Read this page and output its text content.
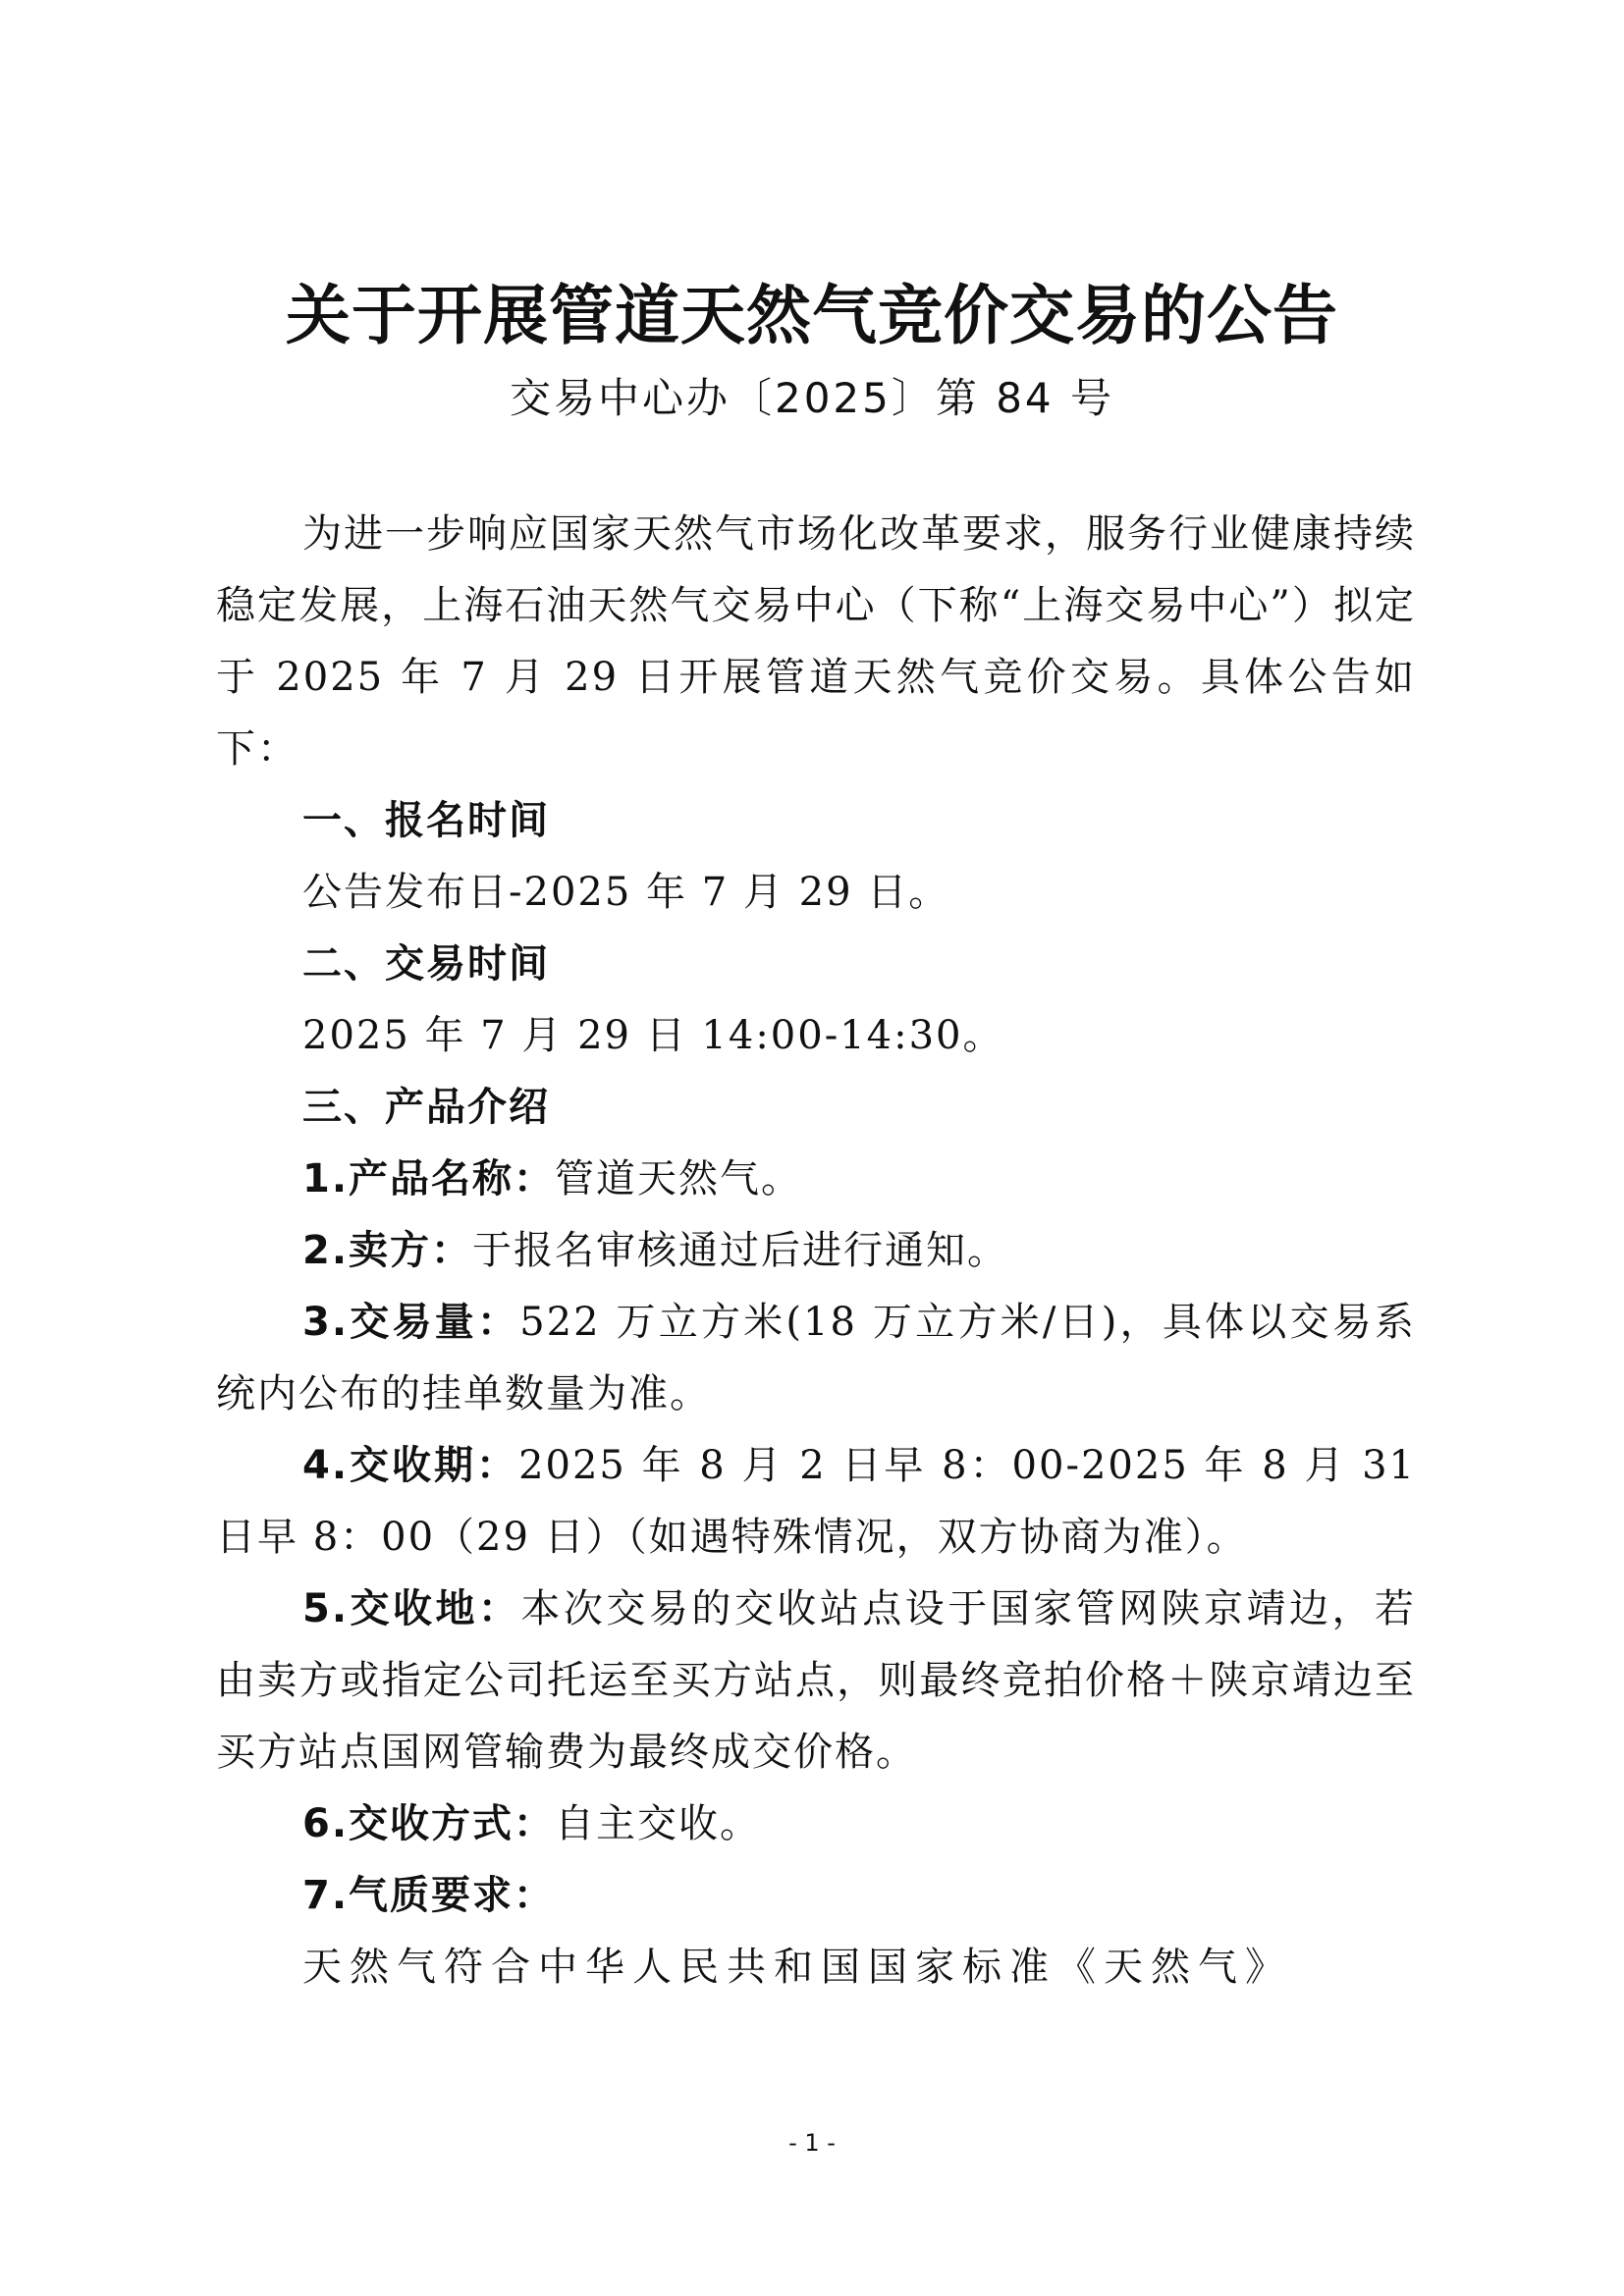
关于开展管道天然气竞价交易的公告
交易中心办〔2025〕第 84 号

为进一步响应国家天然气市场化改革要求，服务行业健康持续稳定发展，上海石油天然气交易中心（下称“上海交易中心”）拟定于 2025 年 7 月 29 日开展管道天然气竞价交易。具体公告如下：

一、报名时间

公告发布日-2025 年 7 月 29 日。

二、交易时间

2025 年 7 月 29 日 14:00-14:30。

三、产品介绍

1.产品名称：管道天然气。

2.卖方：于报名审核通过后进行通知。

3.交易量：522 万立方米(18 万立方米/日)，具体以交易系统内公布的挂单数量为准。

4.交收期：2025 年 8 月 2 日早 8：00-2025 年 8 月 31 日早 8：00（29 日）（如遇特殊情况，双方协商为准）。

5.交收地：本次交易的交收站点设于国家管网陕京靖边，若由卖方或指定公司托运至买方站点，则最终竞拍价格＋陕京靖边至买方站点国网管输费为最终成交价格。

6.交收方式：自主交收。

7.气质要求：

天然气符合中华人民共和国国家标准《天然气》

- 1 -
